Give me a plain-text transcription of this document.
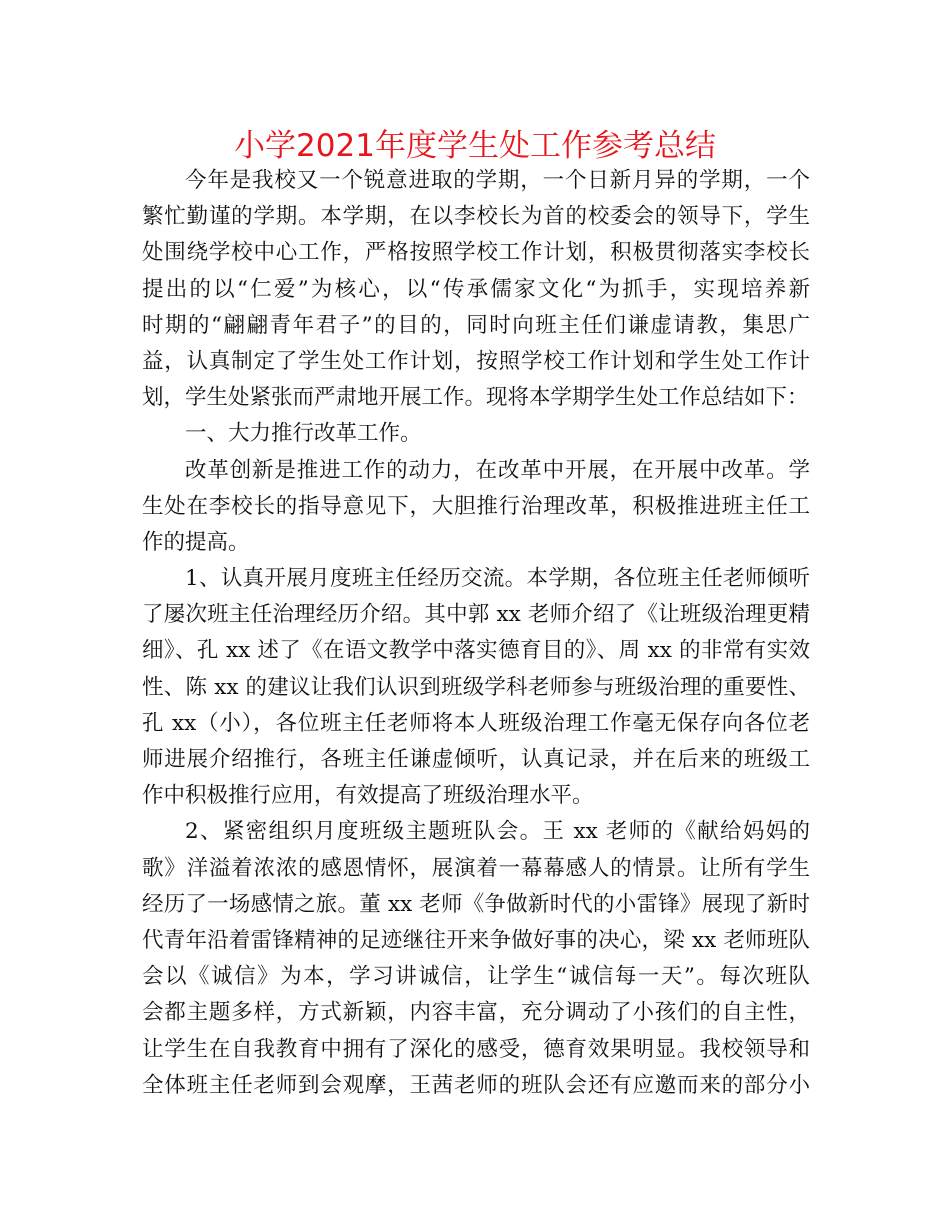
小学2021年度学生处工作参考总结
今年是我校又一个锐意进取的学期，一个日新月异的学期，一个
繁忙勤谨的学期。本学期，在以李校长为首的校委会的领导下，学生
处围绕学校中心工作，严格按照学校工作计划，积极贯彻落实李校长
提出的以“仁爱”为核心，以“传承儒家文化“为抓手，实现培养新
时期的“翩翩青年君子”的目的，同时向班主任们谦虚请教，集思广
益，认真制定了学生处工作计划，按照学校工作计划和学生处工作计
划，学生处紧张而严肃地开展工作。现将本学期学生处工作总结如下：
一、大力推行改革工作。
改革创新是推进工作的动力，在改革中开展，在开展中改革。学
生处在李校长的指导意见下，大胆推行治理改革，积极推进班主任工
作的提高。
1、认真开展月度班主任经历交流。本学期，各位班主任老师倾听
了屡次班主任治理经历介绍。其中郭 xx 老师介绍了《让班级治理更精
细》、孔 xx 述了《在语文教学中落实德育目的》、周 xx 的非常有实效
性、陈 xx 的建议让我们认识到班级学科老师参与班级治理的重要性、
孔 xx（小），各位班主任老师将本人班级治理工作毫无保存向各位老
师进展介绍推行，各班主任谦虚倾听，认真记录，并在后来的班级工
作中积极推行应用，有效提高了班级治理水平。
2、紧密组织月度班级主题班队会。王 xx 老师的《献给妈妈的
歌》洋溢着浓浓的感恩情怀，展演着一幕幕感人的情景。让所有学生
经历了一场感情之旅。董 xx 老师《争做新时代的小雷锋》展现了新时
代青年沿着雷锋精神的足迹继往开来争做好事的决心，梁 xx 老师班队
会以《诚信》为本，学习讲诚信，让学生“诚信每一天”。每次班队
会都主题多样，方式新颖，内容丰富，充分调动了小孩们的自主性，
让学生在自我教育中拥有了深化的感受，德育效果明显。我校领导和
全体班主任老师到会观摩，王茜老师的班队会还有应邀而来的部分小
